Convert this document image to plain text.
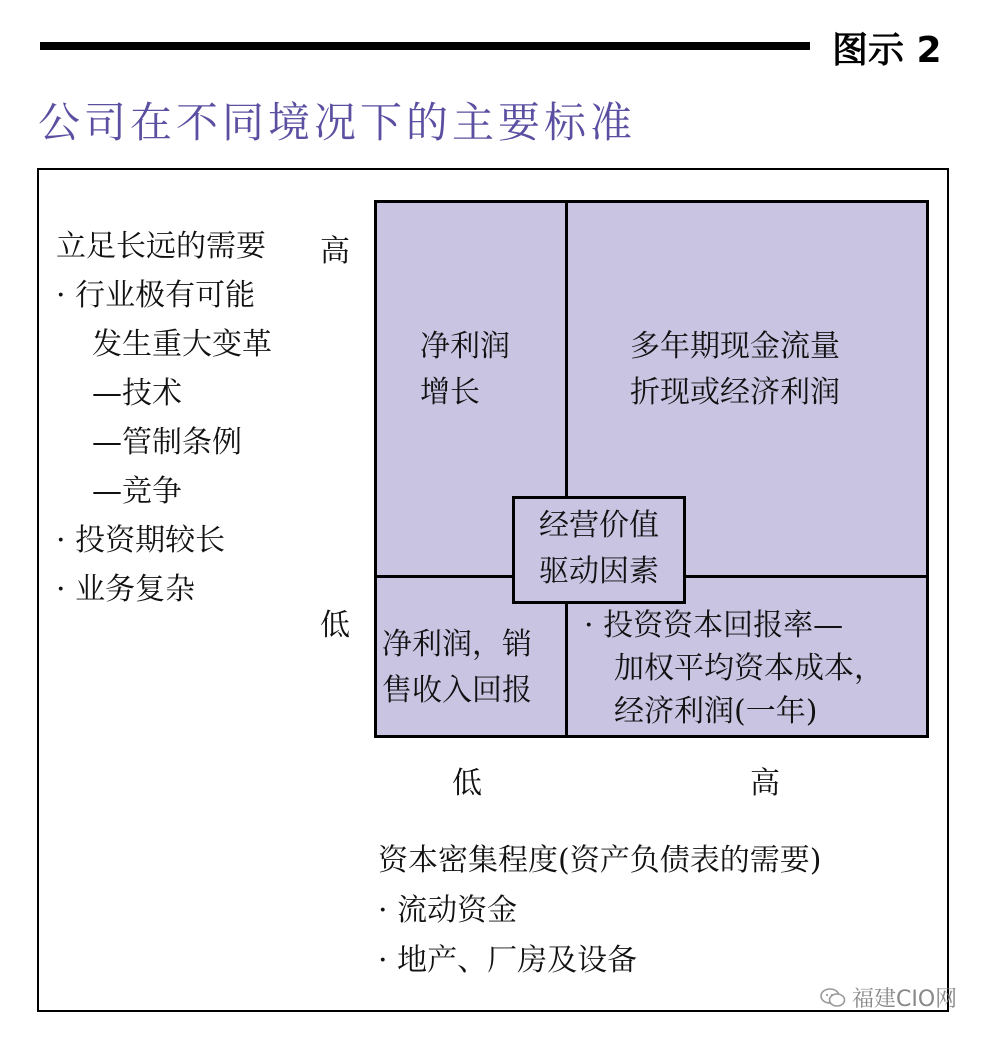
图示 2
公司在不同境况下的主要标准
立足长远的需要
· 行业极有可能
发生重大变革
—技术
—管制条例
—竞争
· 投资期较长
· 业务复杂
高
低
净利润
增长
多年期现金流量
折现或经济利润
净利润，销
售收入回报
· 投资资本回报率—
加权平均资本成本，
经济利润(一年)
经营价值
驱动因素
低	高
资本密集程度(资产负债表的需要)
· 流动资金
· 地产、厂房及设备
福建CIO网
